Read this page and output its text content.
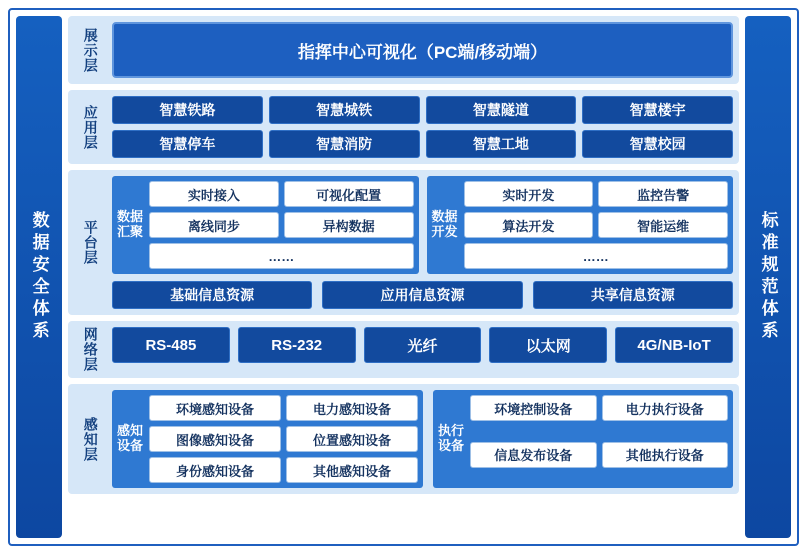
数据安全体系
展示层	指挥中心可视化（PC端/移动端）
应用层	智慧铁路	智慧城铁	智慧隧道	智慧楼宇
智慧停车	智慧消防	智慧工地	智慧校园
平台层
数据汇聚
实时接入	可视化配置
离线同步	异构数据
……
数据开发
实时开发	监控告警
算法开发	智能运维
……
基础信息资源	应用信息资源	共享信息资源
网络层	RS-485	RS-232	光纤	以太网	4G/NB-IoT
感知层 感知设备
环境感知设备	电力感知设备
图像感知设备	位置感知设备
身份感知设备	其他感知设备
执行设备
环境控制设备	电力执行设备
信息发布设备	其他执行设备
标准规范体系
